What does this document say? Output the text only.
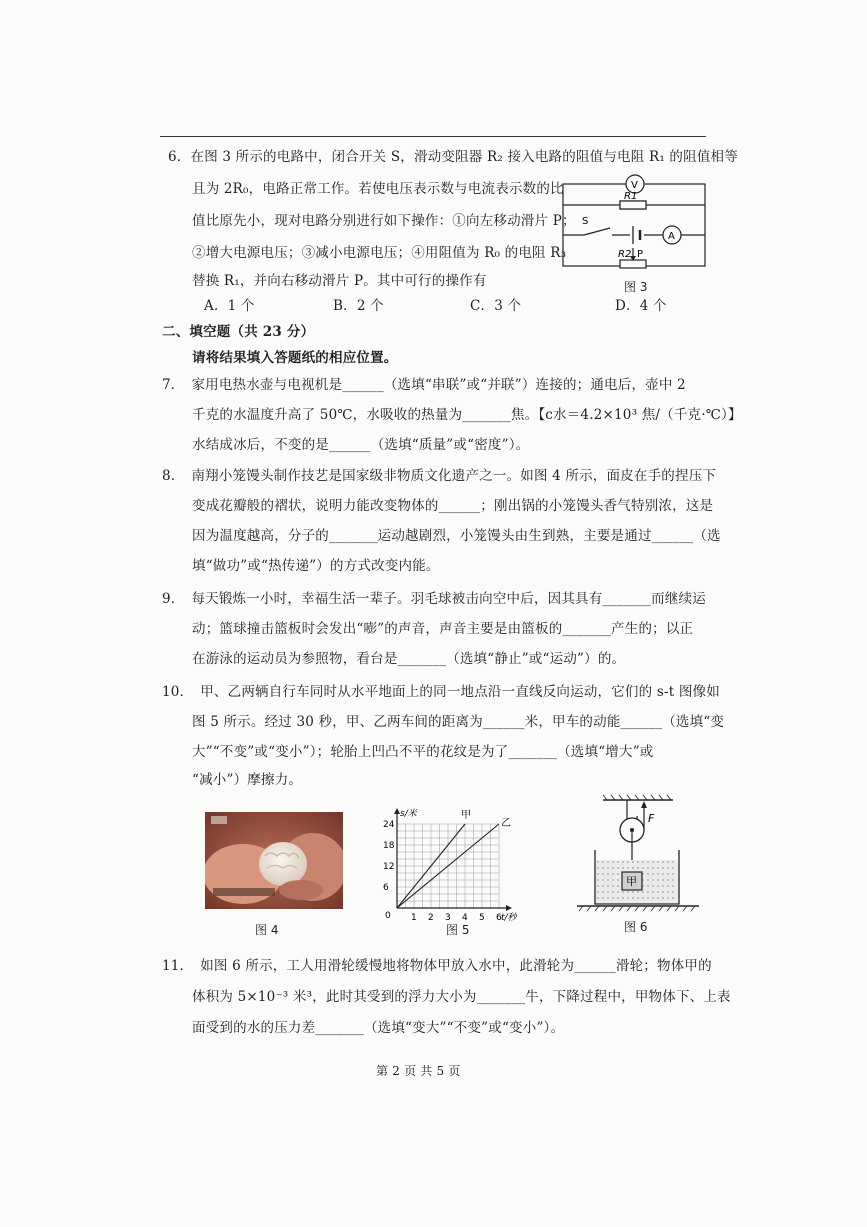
6．在图 3 所示的电路中，闭合开关 S，滑动变阻器 R₂ 接入电路的阻值与电阻 R₁ 的阻值相等
且为 2R₀，电路正常工作。若使电压表示数与电流表示数的比
值比原先小，现对电路分别进行如下操作：①向左移动滑片 P；
②增大电源电压；③减小电源电压；④用阻值为 R₀ 的电阻 R₃
替换 R₁，并向右移动滑片 P。其中可行的操作有
A．1 个	B．2 个	C．3 个	D．4 个
V
A
R1
S
R2 P
图 3
二、填空题（共 23 分）
请将结果填入答题纸的相应位置。
7．　家用电热水壶与电视机是______（选填“串联”或“并联”）连接的；通电后，壶中 2
千克的水温度升高了 50℃，水吸收的热量为_______焦。【c水＝4.2×10³ 焦/（千克·℃）】
水结成冰后，不变的是______（选填“质量”或“密度”）。
8．　南翔小笼馒头制作技艺是国家级非物质文化遗产之一。如图 4 所示，面皮在手的捏压下
变成花瓣般的褶状，说明力能改变物体的______；刚出锅的小笼馒头香气特别浓，这是
因为温度越高，分子的_______运动越剧烈，小笼馒头由生到熟，主要是通过______（选
填“做功”或“热传递”）的方式改变内能。
9．　每天锻炼一小时，幸福生活一辈子。羽毛球被击向空中后，因其具有_______而继续运
动；篮球撞击篮板时会发出“嘭”的声音，声音主要是由篮板的_______产生的；以正
在游泳的运动员为参照物，看台是_______（选填“静止”或“运动”）的。
10．　甲、乙两辆自行车同时从水平地面上的同一地点沿一直线反向运动，它们的 s-t 图像如
图 5 所示。经过 30 秒，甲、乙两车间的距离为______米，甲车的动能______（选填“变
大”“不变”或“变小”）；轮胎上凹凸不平的花纹是为了_______（选填“增大”或
“减小”）摩擦力。
图 4
1 2 3 4 5 6
6
12
18
24
0	t/秒
s/米	甲
乙
图 5
F
甲
图 6
11．　如图 6 所示，工人用滑轮缓慢地将物体甲放入水中，此滑轮为______滑轮；物体甲的
体积为 5×10⁻³ 米³，此时其受到的浮力大小为_______牛，下降过程中，甲物体下、上表
面受到的水的压力差_______（选填“变大”“不变”或“变小”）。
第 2 页 共 5 页
